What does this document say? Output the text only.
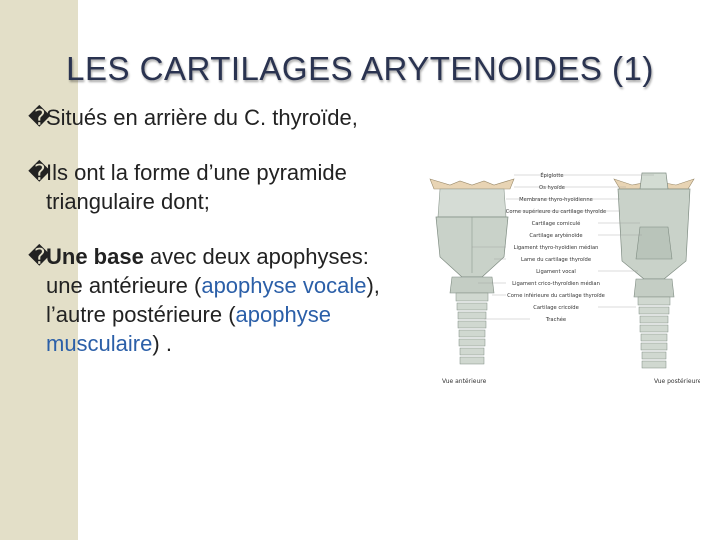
LES CARTILAGES ARYTENOIDES (1)
�
Situés en arrière du C. thyroïde,
�
Ils ont la forme d’une pyramide triangulaire dont;
�
Une base avec deux apophyses: une antérieure (apophyse vocale), l’autre postérieure (apophyse musculaire) .
Épiglotte
Os hyoïde
Membrane thyro-hyoïdienne
Corne supérieure du cartilage thyroïde
Cartilage corniculé
Cartilage aryténoïde
Ligament thyro-hyoïdien médian
Lame du cartilage thyroïde
Ligament vocal
Ligament crico-thyroïdien médian
Corne inférieure du cartilage thyroïde
Cartilage cricoïde
Trachée
Vue antérieure	Vue postérieure
